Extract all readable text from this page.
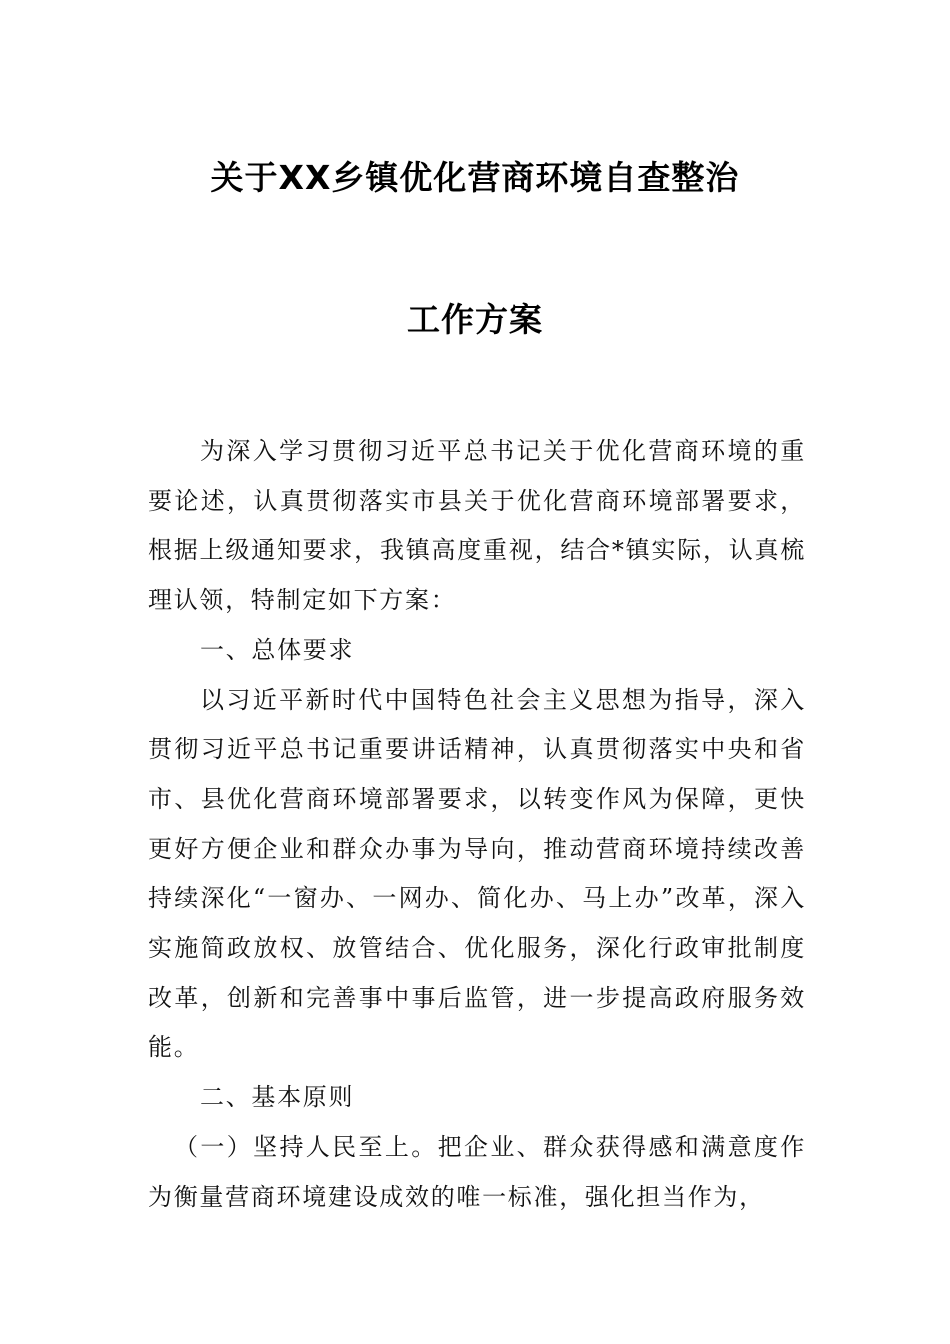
关于XX乡镇优化营商环境自查整治
工作方案

为深入学习贯彻习近平总书记关于优化营商环境的重要论述，认真贯彻落实市县关于优化营商环境部署要求，根据上级通知要求，我镇高度重视，结合*镇实际，认真梳理认领，特制定如下方案：

一、总体要求

以习近平新时代中国特色社会主义思想为指导，深入贯彻习近平总书记重要讲话精神，认真贯彻落实中央和省市、县优化营商环境部署要求，以转变作风为保障，更快更好方便企业和群众办事为导向，推动营商环境持续改善持续深化“一窗办、一网办、简化办、马上办”改革，深入实施简政放权、放管结合、优化服务，深化行政审批制度改革，创新和完善事中事后监管，进一步提高政府服务效能。

二、基本原则

（一）坚持人民至上。把企业、群众获得感和满意度作为衡量营商环境建设成效的唯一标准，强化担当作为，
